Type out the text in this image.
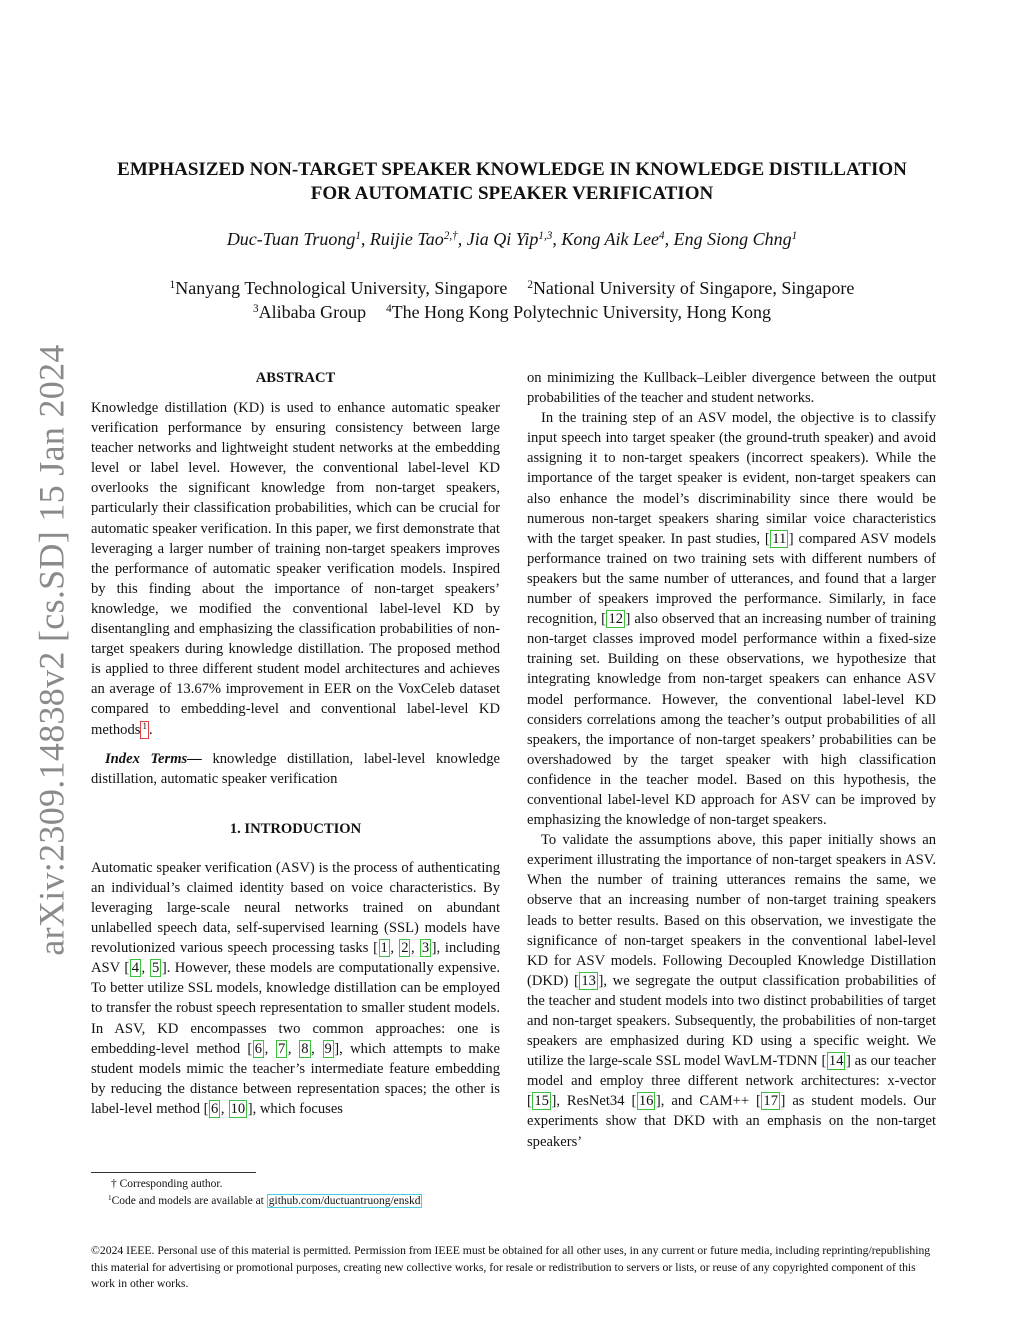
arXiv:2309.14838v2 [cs.SD] 15 Jan 2024
EMPHASIZED NON-TARGET SPEAKER KNOWLEDGE IN KNOWLEDGE DISTILLATION
FOR AUTOMATIC SPEAKER VERIFICATION
Duc-Tuan Truong$^1$, Ruijie Tao$^{2,\dagger}$, Jia Qi Yip$^{1,3}$, Kong Aik Lee$^4$, Eng Siong Chng$^1$
$^1$Nanyang Technological University, Singapore $^2$National University of Singapore, Singapore
$^3$Alibaba Group $^4$The Hong Kong Polytechnic University, Hong Kong

ABSTRACT

Knowledge distillation (KD) is used to enhance automatic speaker verification performance by ensuring consistency between large teacher networks and lightweight student networks at the embedding level or label level. However, the conventional label-level KD overlooks the significant knowledge from non-target speakers, particularly their classification probabilities, which can be crucial for automatic speaker verification. In this paper, we first demonstrate that leveraging a larger number of training non-target speakers improves the performance of automatic speaker verification models. Inspired by this finding about the importance of non-target speakers’ knowledge, we modified the conventional label-level KD by disentangling and emphasizing the classification probabilities of non-target speakers during knowledge distillation. The proposed method is applied to three different student model architectures and achieves an average of 13.67% improvement in EER on the VoxCeleb dataset compared to embedding-level and conventional label-level KD methods $^1$ .

Index Terms— knowledge distillation, label-level knowledge distillation, automatic speaker verification

1. INTRODUCTION

Automatic speaker verification (ASV) is the process of authenticating an individual’s claimed identity based on voice characteristics. By leveraging large-scale neural networks trained on abundant unlabelled speech data, self-supervised learning (SSL) models have revolutionized various speech processing tasks [ 1 , 2 , 3 ], including ASV [ 4 , 5 ]. However, these models are computationally expensive. To better utilize SSL models, knowledge distillation can be employed to transfer the robust speech representation to smaller student models. In ASV, KD encompasses two common approaches: one is embedding-level method [ 6 , 7 , 8 , 9 ], which attempts to make student models mimic the teacher’s intermediate feature embedding by reducing the distance between representation spaces; the other is label-level method [ 6 , 10 ], which focuses

on minimizing the Kullback–Leibler divergence between the output probabilities of the teacher and student networks.

In the training step of an ASV model, the objective is to classify input speech into target speaker (the ground-truth speaker) and avoid assigning it to non-target speakers (incorrect speakers). While the importance of the target speaker is evident, non-target speakers can also enhance the model’s discriminability since there would be numerous non-target speakers sharing similar voice characteristics with the target speaker. In past studies, [ 11 ] compared ASV models performance trained on two training sets with different numbers of speakers but the same number of utterances, and found that a larger number of speakers improved the performance. Similarly, in face recognition, [ 12 ] also observed that an increasing number of training non-target classes improved model performance within a fixed-size training set. Building on these observations, we hypothesize that integrating knowledge from non-target speakers can enhance ASV model performance. However, the conventional label-level KD considers correlations among the teacher’s output probabilities of all speakers, the importance of non-target speakers’ probabilities can be overshadowed by the target speaker with high classification confidence in the teacher model. Based on this hypothesis, the conventional label-level KD approach for ASV can be improved by emphasizing the knowledge of non-target speakers.

To validate the assumptions above, this paper initially shows an experiment illustrating the importance of non-target speakers in ASV. When the number of training utterances remains the same, we observe that an increasing number of non-target training speakers leads to better results. Based on this observation, we investigate the significance of non-target speakers in the conventional label-level KD for ASV models. Following Decoupled Knowledge Distillation (DKD) [ 13 ], we segregate the output classification probabilities of the teacher and student models into two distinct probabilities of target and non-target speakers. Subsequently, the probabilities of non-target speakers are emphasized during KD using a specific weight. We utilize the large-scale SSL model WavLM-TDNN [ 14 ] as our teacher model and employ three different network architectures: x-vector [ 15 ], ResNet34 [ 16 ], and CAM++ [ 17 ] as student models. Our experiments show that DKD with an emphasis on the non-target speakers’

† Corresponding author.
$^1$Code and models are available at github.com/ductuantruong/enskd
©2024 IEEE. Personal use of this material is permitted. Permission from IEEE must be obtained for all other uses, in any current or future media, including reprinting/republishing this material for advertising or promotional purposes, creating new collective works, for resale or redistribution to servers or lists, or reuse of any copyrighted component of this work in other works.
